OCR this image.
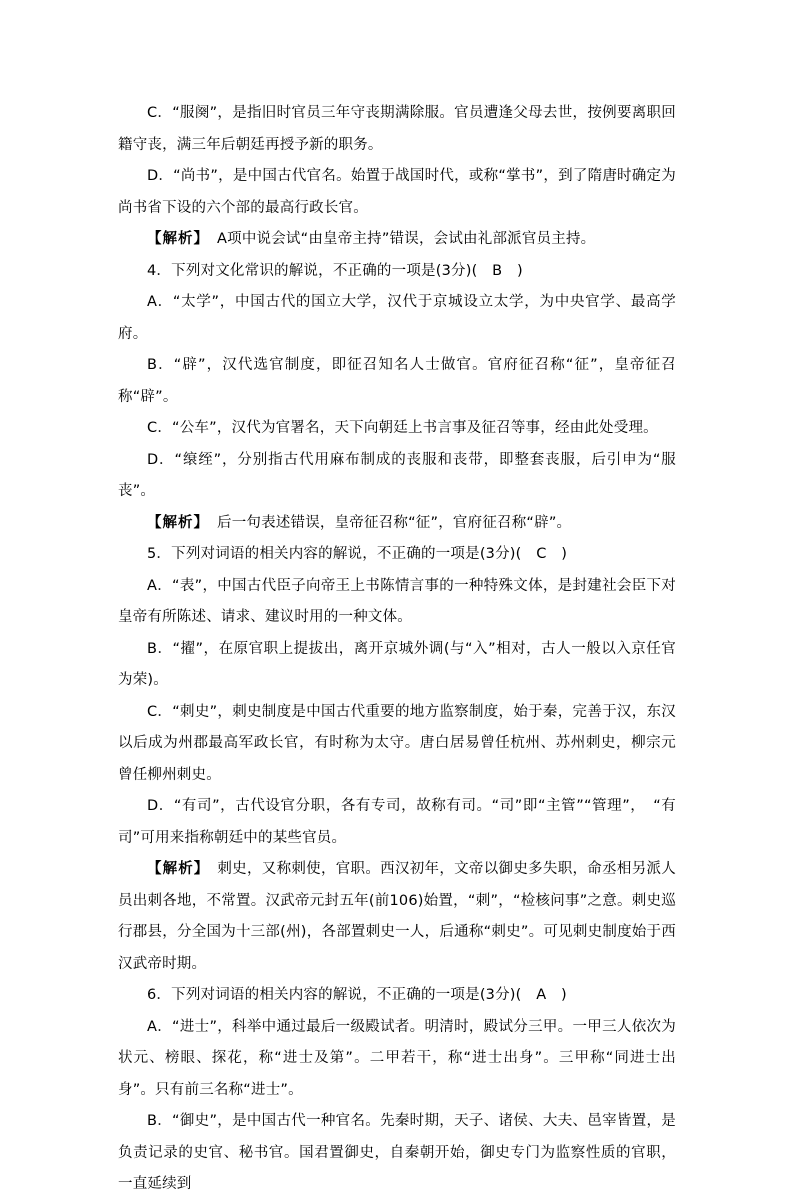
C．“服阕”，是指旧时官员三年守丧期满除服。官员遭逢父母去世，按例要离职回籍守丧，满三年后朝廷再授予新的职务。

D．“尚书”，是中国古代官名。始置于战国时代，或称“掌书”，到了隋唐时确定为尚书省下设的六个部的最高行政长官。

【解析】 A项中说会试“由皇帝主持”错误，会试由礼部派官员主持。

4．下列对文化常识的解说，不正确的一项是(3分)(　B　)

A．“太学”，中国古代的国立大学，汉代于京城设立太学，为中央官学、最高学府。

B．“辟”，汉代选官制度，即征召知名人士做官。官府征召称“征”，皇帝征召称“辟”。

C．“公车”，汉代为官署名，天下向朝廷上书言事及征召等事，经由此处受理。

D．“缞绖”，分别指古代用麻布制成的丧服和丧带，即整套丧服，后引申为“服丧”。

【解析】 后一句表述错误，皇帝征召称“征”，官府征召称“辟”。

5．下列对词语的相关内容的解说，不正确的一项是(3分)(　C　)

A．“表”，中国古代臣子向帝王上书陈情言事的一种特殊文体，是封建社会臣下对皇帝有所陈述、请求、建议时用的一种文体。

B．“擢”，在原官职上提拔出，离开京城外调(与“入”相对，古人一般以入京任官为荣)。

C．“刺史”，刺史制度是中国古代重要的地方监察制度，始于秦，完善于汉，东汉以后成为州郡最高军政长官，有时称为太守。唐白居易曾任杭州、苏州刺史，柳宗元曾任柳州刺史。

D．“有司”，古代设官分职，各有专司，故称有司。“司”即“主管”“管理”，　“有司”可用来指称朝廷中的某些官员。

【解析】 刺史，又称刺使，官职。西汉初年，文帝以御史多失职，命丞相另派人员出刺各地，不常置。汉武帝元封五年(前106)始置，“刺”，“检核问事”之意。刺史巡行郡县，分全国为十三部(州)，各部置刺史一人，后通称“刺史”。可见刺史制度始于西汉武帝时期。

6．下列对词语的相关内容的解说，不正确的一项是(3分)(　A　)

A．“进士”，科举中通过最后一级殿试者。明清时，殿试分三甲。一甲三人依次为状元、榜眼、探花，称“进士及第”。二甲若干，称“进士出身”。三甲称“同进士出身”。只有前三名称“进士”。

B．“御史”，是中国古代一种官名。先秦时期，天子、诸侯、大夫、邑宰皆置，是负责记录的史官、秘书官。国君置御史，自秦朝开始，御史专门为监察性质的官职，一直延续到
